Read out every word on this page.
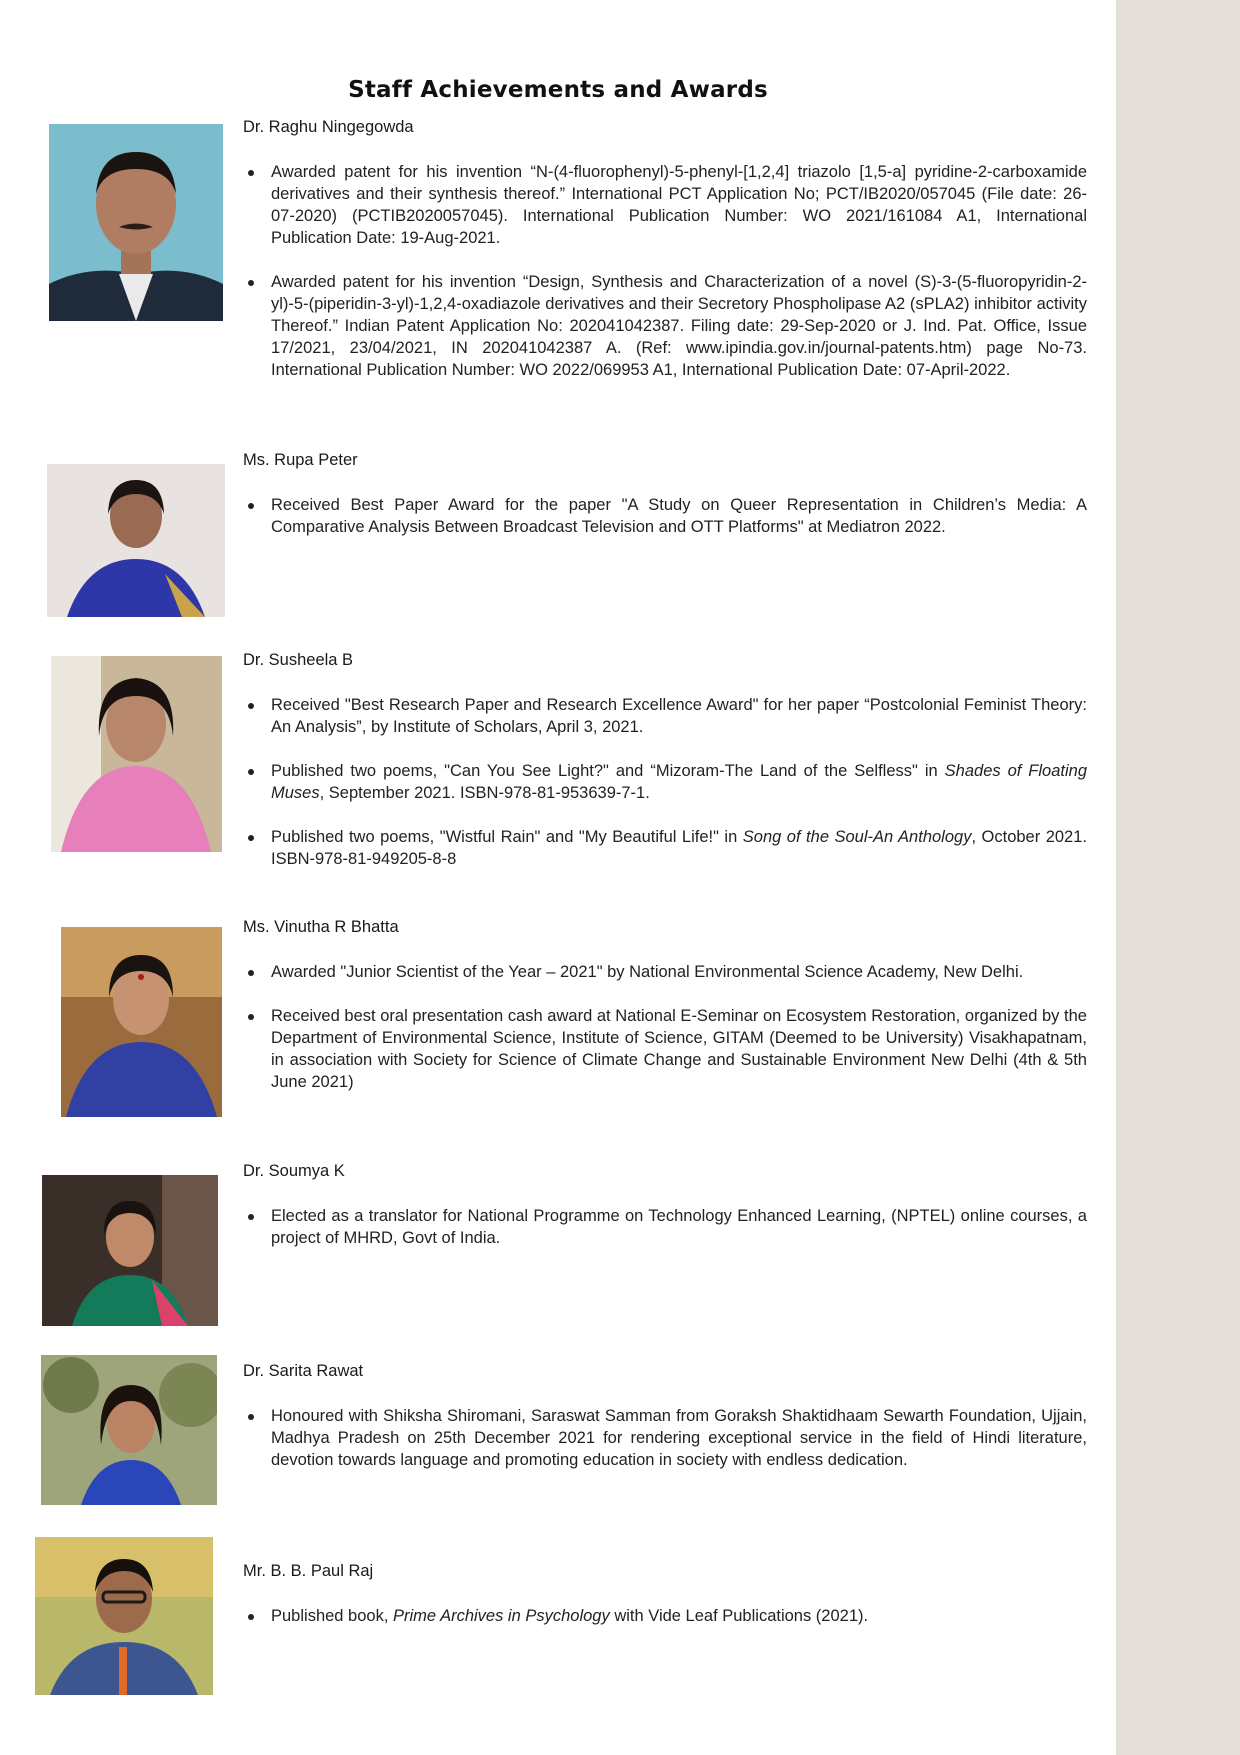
Staff Achievements and Awards
Dr. Raghu Ningegowda
Awarded patent for his invention “N-(4-fluorophenyl)-5-phenyl-[1,2,4] triazolo [1,5-a] pyridine-2-carboxamide derivatives and their synthesis thereof.” International PCT Application No; PCT/IB2020/057045 (File date: 26-07-2020) (PCTIB2020057045). International Publication Number: WO 2021/161084 A1, International Publication Date: 19-Aug-2021.
Awarded patent for his invention “Design, Synthesis and Characterization of a novel (S)-3-(5-fluoropyridin-2-yl)-5-(piperidin-3-yl)-1,2,4-oxadiazole derivatives and their Secretory Phospholipase A2 (sPLA2) inhibitor activity Thereof.” Indian Patent Application No: 202041042387. Filing date: 29-Sep-2020 or J. Ind. Pat. Office, Issue 17/2021, 23/04/2021, IN 202041042387 A. (Ref: www.ipindia.gov.in/journal-patents.htm) page No-73. International Publication Number: WO 2022/069953 A1, International Publication Date: 07-April-2022.
Ms. Rupa Peter
Received Best Paper Award for the paper "A Study on Queer Representation in Children’s Media: A Comparative Analysis Between Broadcast Television and OTT Platforms" at Mediatron 2022.
Dr. Susheela B
Received "Best Research Paper and Research Excellence Award" for her paper “Postcolonial Feminist Theory: An Analysis”, by Institute of Scholars, April 3, 2021.
Published two poems, "Can You See Light?" and “Mizoram-The Land of the Selfless" in Shades of Floating Muses, September 2021. ISBN-978-81-953639-7-1.
Published two poems, "Wistful Rain" and "My Beautiful Life!" in Song of the Soul-An Anthology, October 2021. ISBN-978-81-949205-8-8
Ms. Vinutha R Bhatta
Awarded "Junior Scientist of the Year – 2021" by National Environmental Science Academy, New Delhi.
Received best oral presentation cash award at National E-Seminar on Ecosystem Restoration, organized by the Department of Environmental Science, Institute of Science, GITAM (Deemed to be University) Visakhapatnam, in association with Society for Science of Climate Change and Sustainable Environment New Delhi (4th & 5th June 2021)
Dr. Soumya K
Elected as a translator for National Programme on Technology Enhanced Learning, (NPTEL) online courses, a project of MHRD, Govt of India.
Dr. Sarita Rawat
Honoured with Shiksha Shiromani, Saraswat Samman from Goraksh Shaktidhaam Sewarth Foundation, Ujjain, Madhya Pradesh on 25th December 2021 for rendering exceptional service in the field of Hindi literature, devotion towards language and promoting education in society with endless dedication.
Mr. B. B. Paul Raj
Published book, Prime Archives in Psychology with Vide Leaf Publications (2021).
